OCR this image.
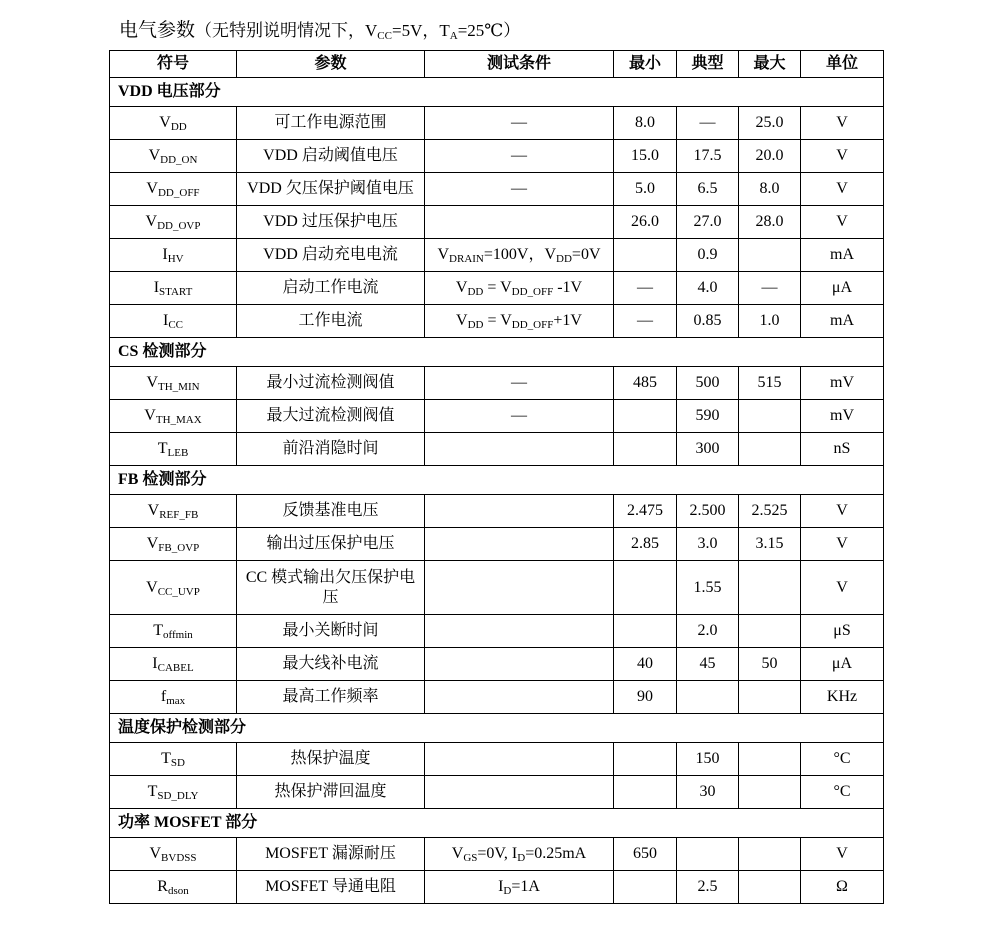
电气参数（无特别说明情况下，$V_{CC}=5V$，$T_A=25℃$）
符号	参数	测试条件	最小	典型	最大	单位
VDD 电压部分						
$V_{DD}$	可工作电源范围	—	8.0	—	25.0	V
$V_{DD\_ON}$	VDD 启动阈值电压	—	15.0	17.5	20.0	V
$V_{DD\_OFF}$	VDD 欠压保护阈值电压	—	5.0	6.5	8.0	V
$V_{DD\_OVP}$	VDD 过压保护电压		26.0	27.0	28.0	V
$I_{HV}$	VDD 启动充电电流	$V_{DRAIN}=100V$，$V_{DD}=0V$		0.9		mA
$I_{START}$	启动工作电流	$V_{DD} = V_{DD\_OFF}$ -1V	—	4.0	—	μA
$I_{CC}$	工作电流	$V_{DD} = V_{DD\_OFF}+1V$	—	0.85	1.0	mA
CS 检测部分						
$V_{TH\_MIN}$	最小过流检测阀值	—	485	500	515	mV
$V_{TH\_MAX}$	最大过流检测阀值	—		590		mV
$T_{LEB}$	前沿消隐时间			300		nS
FB 检测部分						
$V_{REF\_FB}$	反馈基准电压		2.475	2.500	2.525	V
$V_{FB\_OVP}$	输出过压保护电压		2.85	3.0	3.15	V
$V_{CC\_UVP}$	CC 模式输出欠压保护电压			1.55		V
$T_{offmin}$	最小关断时间			2.0		μS
$I_{CABEL}$	最大线补电流		40	45	50	μA
$f_{max}$	最高工作频率		90			KHz
温度保护检测部分						
$T_{SD}$	热保护温度			150		°C
$T_{SD\_DLY}$	热保护滞回温度			30		°C
功率 MOSFET 部分						
$V_{BVDSS}$	MOSFET 漏源耐压	$V_{GS}=0V$, $I_D=0.25mA$	650			V
$R_{dson}$	MOSFET 导通电阻	$I_D=1A$		2.5		Ω
